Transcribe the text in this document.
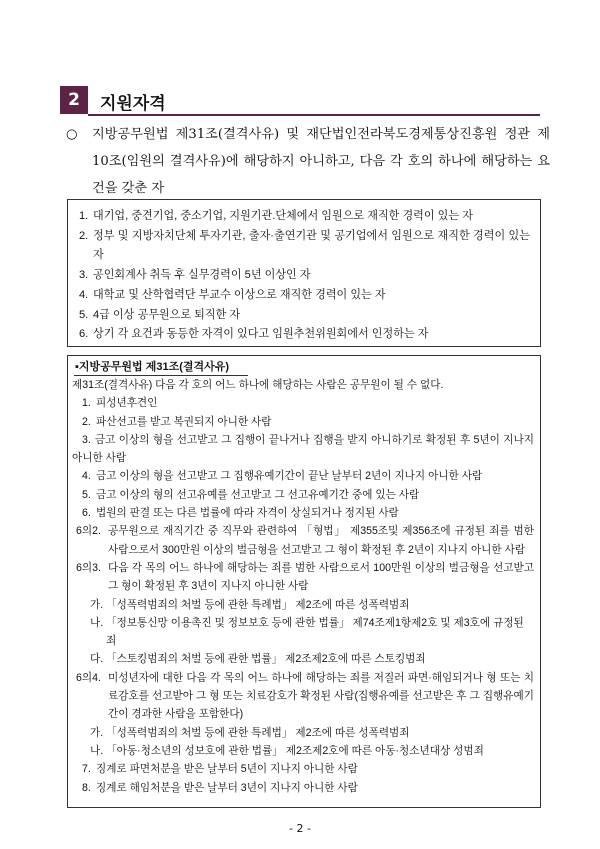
2	지원자격
○ 지방공무원법 제31조(결격사유) 및 재단법인전라북도경제통상진흥원 정관 제10조(임원의 결격사유)에 해당하지 아니하고, 다음 각 호의 하나에 해당하는 요건을 갖춘 자
1. 대기업, 중견기업, 중소기업, 지원기관.단체에서 임원으로 재직한 경력이 있는 자
2. 정부 및 지방자치단체 투자기관, 출자·출연기관 및 공기업에서 임원으로 재직한 경력이 있는 자
3. 공인회계사 취득 후 실무경력이 5년 이상인 자
4. 대학교 및 산학협력단 부교수 이상으로 재직한 경력이 있는 자
5. 4급 이상 공무원으로 퇴직한 자
6. 상기 각 요건과 동등한 자격이 있다고 임원추천위원회에서 인정하는 자
▪지방공무원법 제31조(결격사유)
제31조(결격사유) 다음 각 호의 어느 하나에 해당하는 사람은 공무원이 될 수 없다.
1. 피성년후견인
2. 파산선고를 받고 복권되지 아니한 사람
3. 금고 이상의 형을 선고받고 그 집행이 끝나거나 집행을 받지 아니하기로 확정된 후 5년이 지나지 아니한 사람
4. 금고 이상의 형을 선고받고 그 집행유예기간이 끝난 날부터 2년이 지나지 아니한 사람
5. 금고 이상의 형의 선고유예를 선고받고 그 선고유예기간 중에 있는 사람
6. 법원의 판결 또는 다른 법률에 따라 자격이 상실되거나 정지된 사람
6의2. 공무원으로 재직기간 중 직무와 관련하여 「형법」 제355조및 제356조에 규정된 죄를 범한 사람으로서 300만원 이상의 벌금형을 선고받고 그 형이 확정된 후 2년이 지나지 아니한 사람
6의3. 다음 각 목의 어느 하나에 해당하는 죄를 범한 사람으로서 100만원 이상의 벌금형을 선고받고 그 형이 확정된 후 3년이 지나지 아니한 사람
가. 「성폭력범죄의 처벌 등에 관한 특례법」 제2조에 따른 성폭력범죄
나. 「정보통신망 이용촉진 및 정보보호 등에 관한 법률」 제74조제1항제2호 및 제3호에 규정된 죄
다. 「스토킹범죄의 처벌 등에 관한 법률」 제2조제2호에 따른 스토킹범죄
6의4. 미성년자에 대한 다음 각 목의 어느 하나에 해당하는 죄를 저질러 파면·해임되거나 형 또는 치료감호를 선고받아 그 형 또는 치료감호가 확정된 사람(집행유예를 선고받은 후 그 집행유예기간이 경과한 사람을 포함한다)
가. 「성폭력범죄의 처벌 등에 관한 특례법」 제2조에 따른 성폭력범죄
나. 「아동·청소년의 성보호에 관한 법률」 제2조제2호에 따른 아동·청소년대상 성범죄
7. 징계로 파면처분을 받은 날부터 5년이 지나지 아니한 사람
8. 징계로 해임처분을 받은 날부터 3년이 지나지 아니한 사람
- 2 -
